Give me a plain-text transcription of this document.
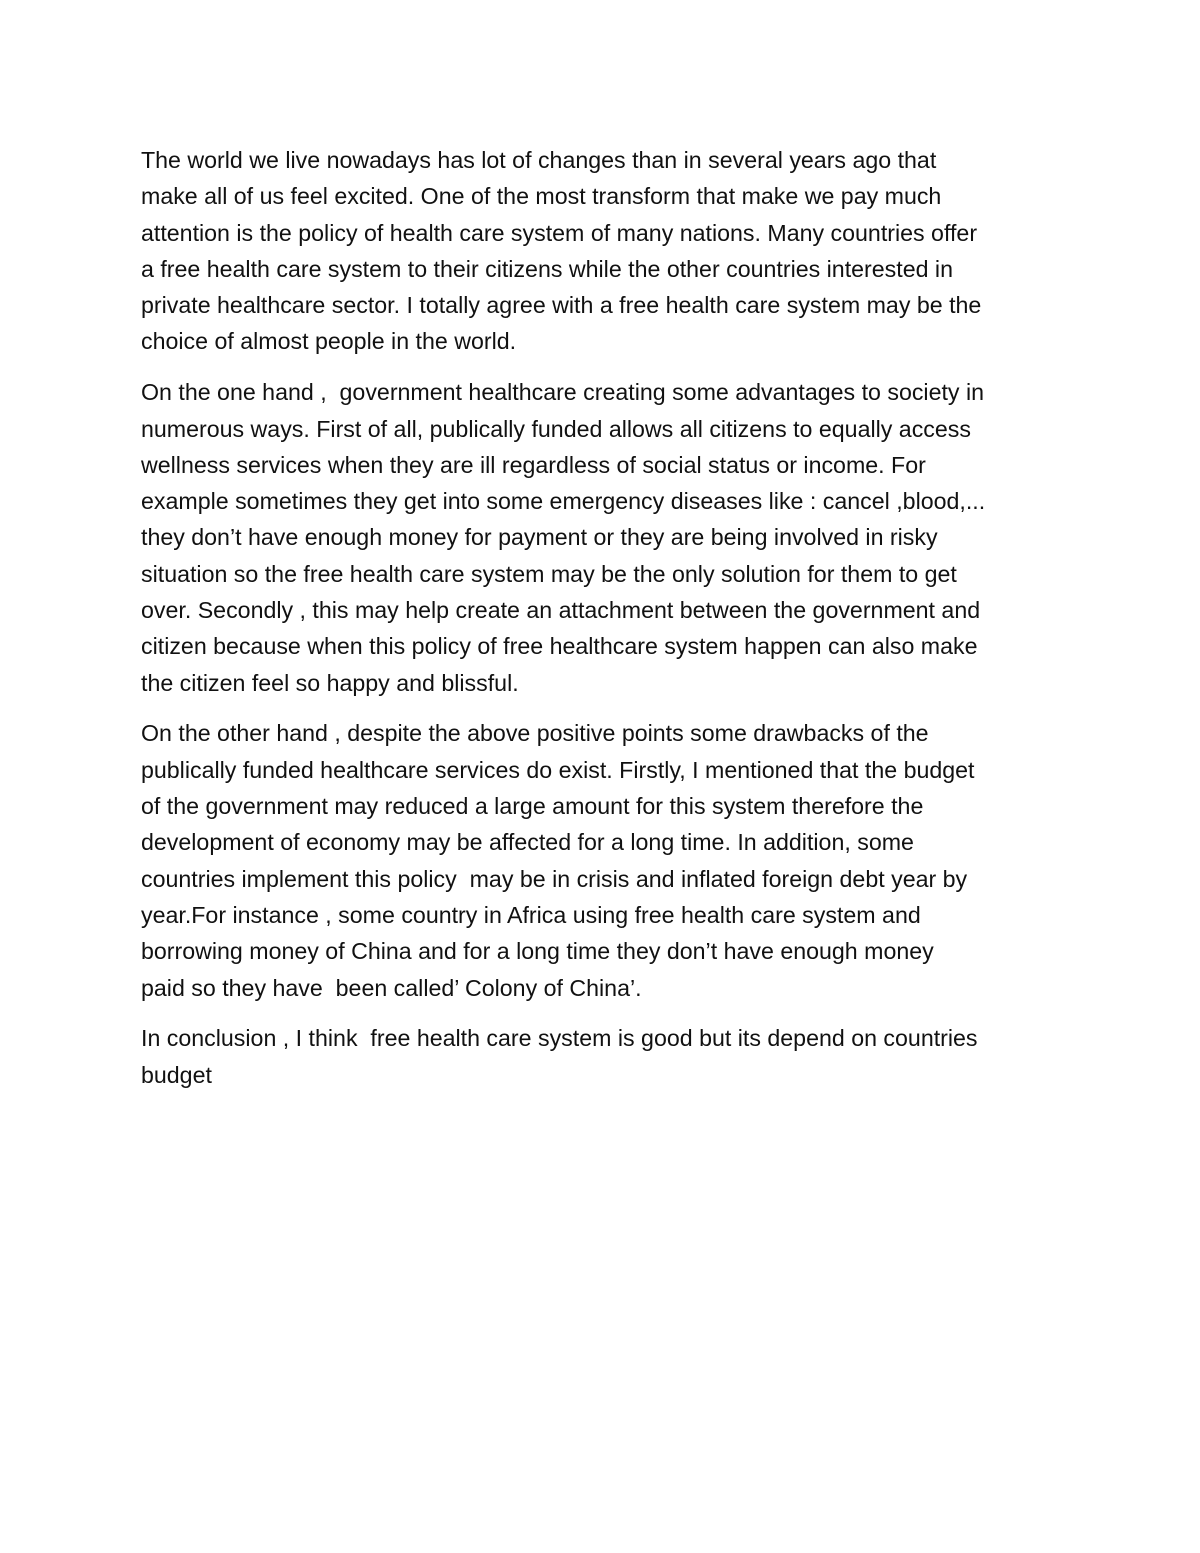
The world we live nowadays has lot of changes than in several years ago that
make all of us feel excited. One of the most transform that make we pay much
attention is the policy of health care system of many nations. Many countries offer
a free health care system to their citizens while the other countries interested in
private healthcare sector. I totally agree with a free health care system may be the
choice of almost people in the world.

On the one hand ,  government healthcare creating some advantages to society in
numerous ways. First of all, publically funded allows all citizens to equally access
wellness services when they are ill regardless of social status or income. For
example sometimes they get into some emergency diseases like : cancel ,blood,...
they don’t have enough money for payment or they are being involved in risky
situation so the free health care system may be the only solution for them to get
over. Secondly , this may help create an attachment between the government and
citizen because when this policy of free healthcare system happen can also make
the citizen feel so happy and blissful.

On the other hand , despite the above positive points some drawbacks of the
publically funded healthcare services do exist. Firstly, I mentioned that the budget
of the government may reduced a large amount for this system therefore the
development of economy may be affected for a long time. In addition, some
countries implement this policy  may be in crisis and inflated foreign debt year by
year.For instance , some country in Africa using free health care system and
borrowing money of China and for a long time they don’t have enough money
paid so they have  been called’ Colony of China’.

In conclusion , I think  free health care system is good but its depend on countries
budget
